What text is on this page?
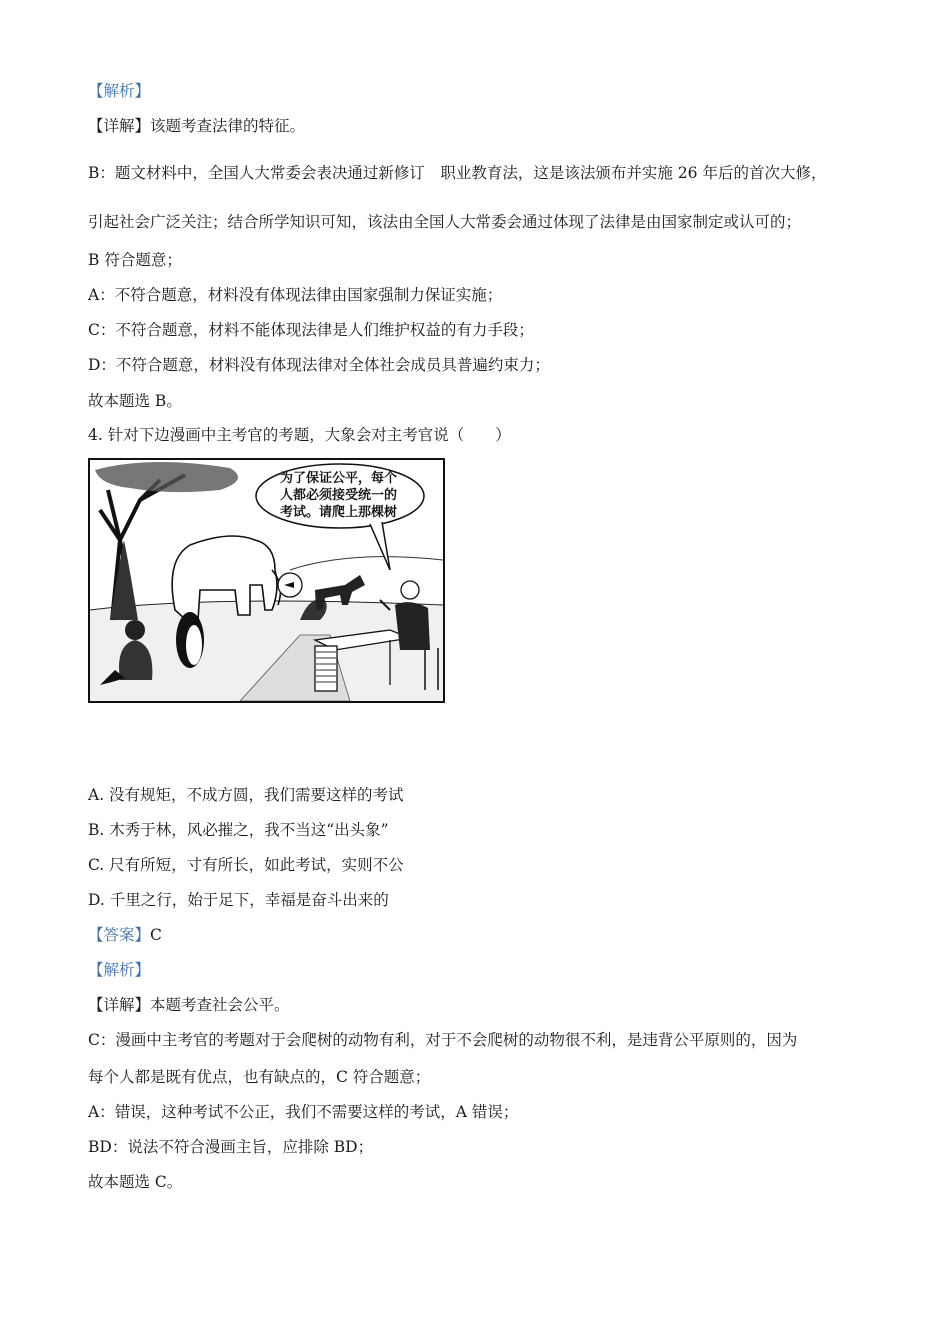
【解析】
【详解】该题考查法律的特征。
B：题文材料中，全国人大常委会表决通过新修订　职业教育法，这是该法颁布并实施 26 年后的首次大修，
引起社会广泛关注；结合所学知识可知，该法由全国人大常委会通过体现了法律是由国家制定或认可的；
B 符合题意；
A：不符合题意，材料没有体现法律由国家强制力保证实施；
C：不符合题意，材料不能体现法律是人们维护权益的有力手段；
D：不符合题意，材料没有体现法律对全体社会成员具普遍约束力；
故本题选 B。
4. 针对下边漫画中主考官的考题，大象会对主考官说（　　）
为了保证公平，每个
人都必须接受统一的
考试。请爬上那棵树
A. 没有规矩，不成方圆，我们需要这样的考试
B. 木秀于林，风必摧之，我不当这“出头象”
C. 尺有所短，寸有所长，如此考试，实则不公
D. 千里之行，始于足下，幸福是奋斗出来的
【答案】C
【解析】
【详解】本题考查社会公平。
C：漫画中主考官的考题对于会爬树的动物有利，对于不会爬树的动物很不利，是违背公平原则的，因为
每个人都是既有优点，也有缺点的，C 符合题意；
A：错误，这种考试不公正，我们不需要这样的考试，A 错误；
BD：说法不符合漫画主旨，应排除 BD；
故本题选 C。
